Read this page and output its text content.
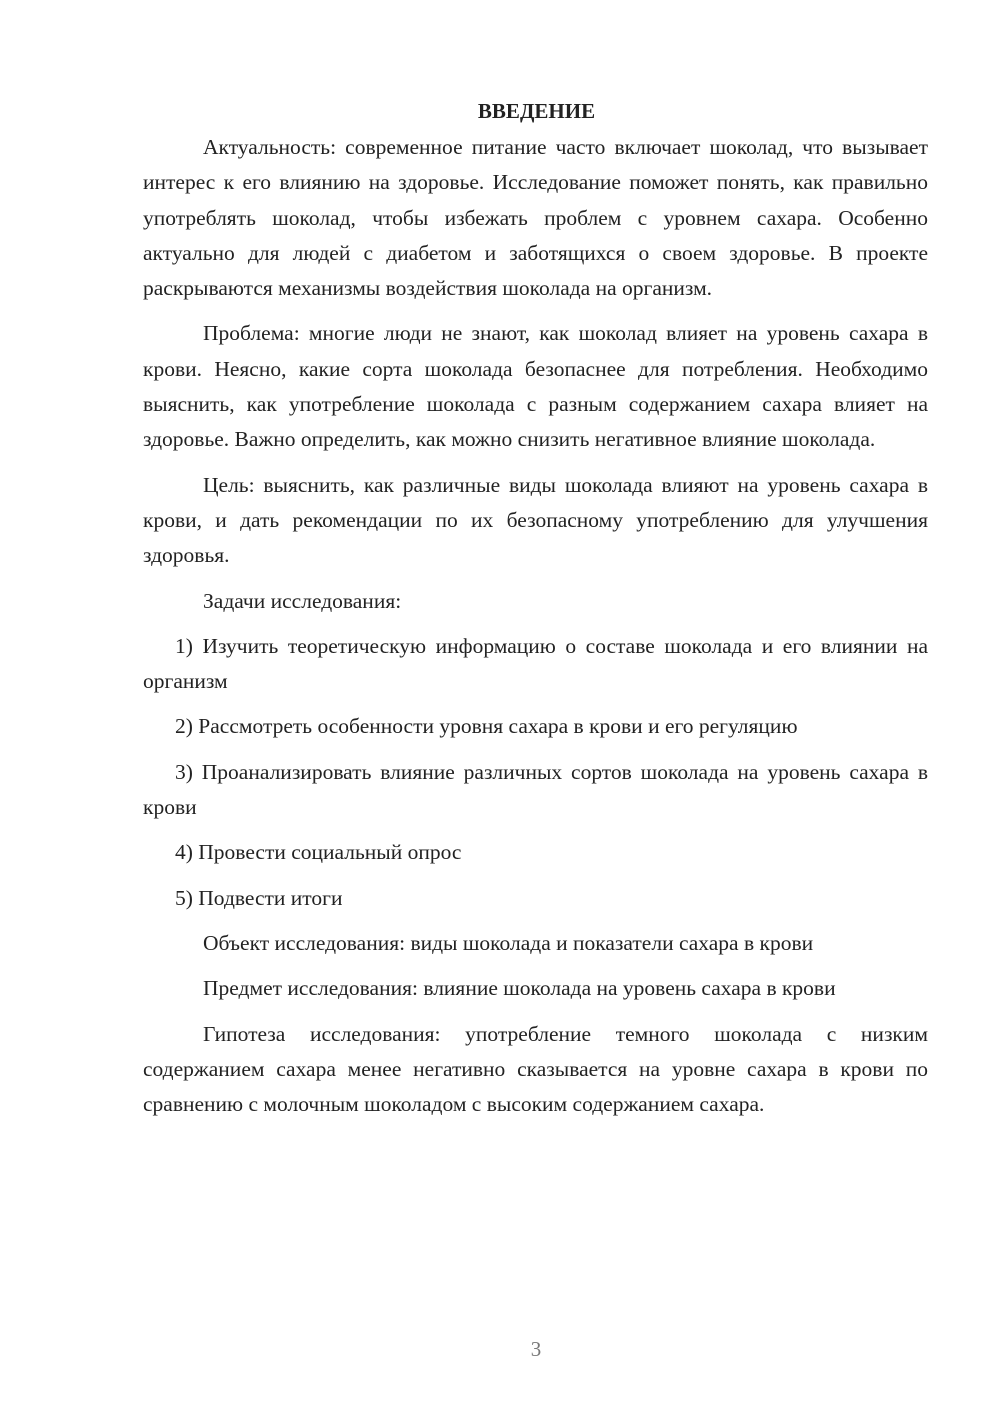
ВВЕДЕНИЕ

Актуальность: современное питание часто включает шоколад, что вызывает интерес к его влиянию на здоровье. Исследование поможет понять, как правильно употреблять шоколад, чтобы избежать проблем с уровнем сахара. Особенно актуально для людей с диабетом и заботящихся о своем здоровье. В проекте раскрываются механизмы воздействия шоколада на организм.

Проблема: многие люди не знают, как шоколад влияет на уровень сахара в крови. Неясно, какие сорта шоколада безопаснее для потребления. Необходимо выяснить, как употребление шоколада с разным содержанием сахара влияет на здоровье. Важно определить, как можно снизить негативное влияние шоколада.

Цель: выяснить, как различные виды шоколада влияют на уровень сахара в крови, и дать рекомендации по их безопасному употреблению для улучшения здоровья.

Задачи исследования:

1) Изучить теоретическую информацию о составе шоколада и его влиянии на организм

2) Рассмотреть особенности уровня сахара в крови и его регуляцию

3) Проанализировать влияние различных сортов шоколада на уровень сахара в крови

4) Провести социальный опрос

5) Подвести итоги

Объект исследования: виды шоколада и показатели сахара в крови

Предмет исследования: влияние шоколада на уровень сахара в крови

Гипотеза исследования: употребление темного шоколада с низким содержанием сахара менее негативно сказывается на уровне сахара в крови по сравнению с молочным шоколадом с высоким содержанием сахара.

3
